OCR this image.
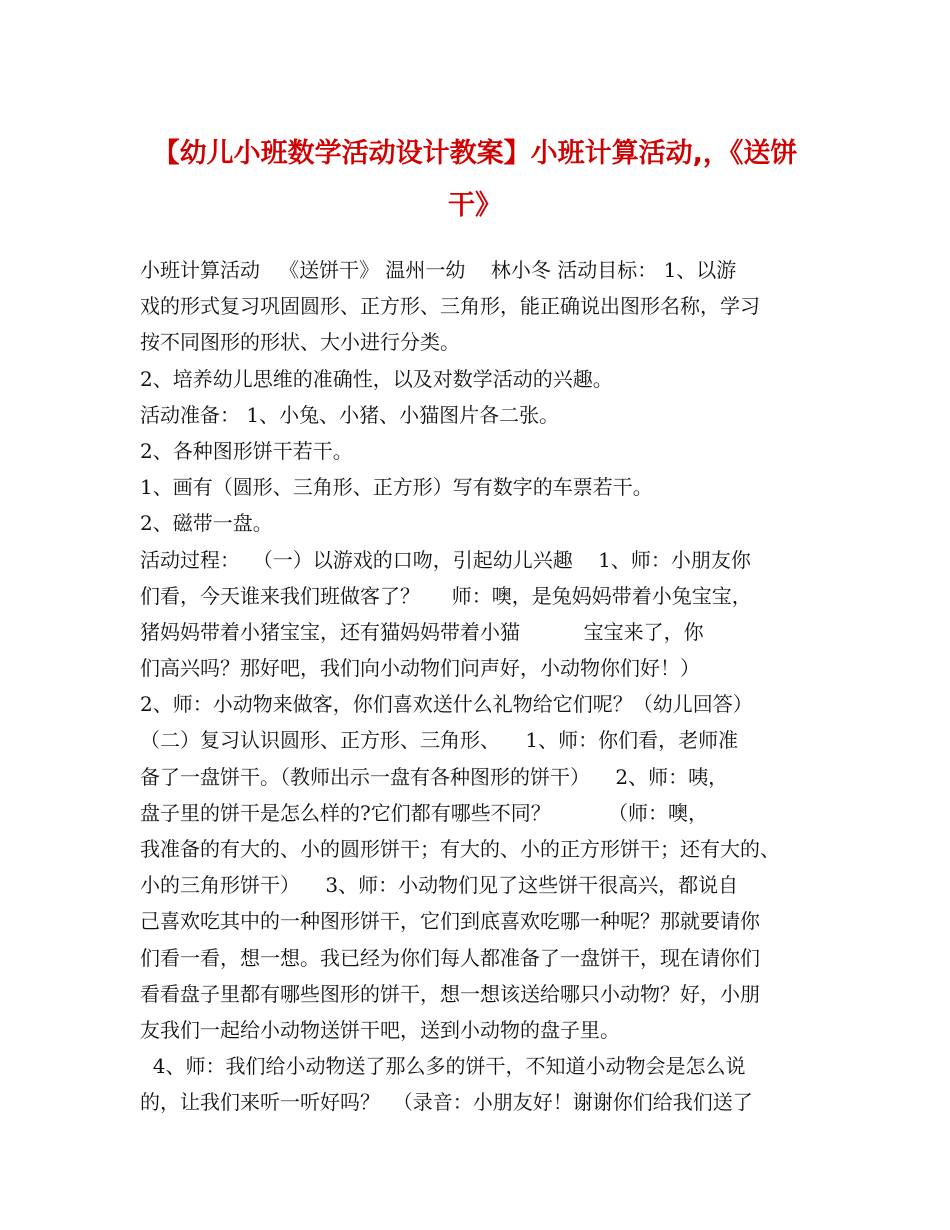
【幼儿小班数学活动设计教案】小班计算活动,，《送饼
干》
小班计算活动   《送饼干》 温州一幼    林小冬 活动目标： 1、以游
戏的形式复习巩固圆形、正方形、三角形，能正确说出图形名称，学习
按不同图形的形状、大小进行分类。
2、培养幼儿思维的准确性，以及对数学活动的兴趣。
活动准备： 1、小兔、小猪、小猫图片各二张。
2、各种图形饼干若干。
1、画有（圆形、三角形、正方形）写有数字的车票若干。
2、磁带一盘。
活动过程：  （一）以游戏的口吻，引起幼儿兴趣    1、师：小朋友你
们看，今天谁来我们班做客了？     师：噢，是兔妈妈带着小兔宝宝，
猪妈妈带着小猪宝宝，还有猫妈妈带着小猫          宝宝来了，你
们高兴吗？那好吧，我们向小动物们问声好，小动物你们好！）
2、师：小动物来做客，你们喜欢送什么礼物给它们呢？（幼儿回答）
（二）复习认识圆形、正方形、三角形、    1、师：你们看，老师准
备了一盘饼干。（教师出示一盘有各种图形的饼干）    2、师：咦，
盘子里的饼干是怎么样的?它们都有哪些不同？         （师：噢，
我准备的有大的、小的圆形饼干；有大的、小的正方形饼干；还有大的、
小的三角形饼干）    3、师：小动物们见了这些饼干很高兴，都说自
己喜欢吃其中的一种图形饼干，它们到底喜欢吃哪一种呢？那就要请你
们看一看，想一想。我已经为你们每人都准备了一盘饼干，现在请你们
看看盘子里都有哪些图形的饼干，想一想该送给哪只小动物？好，小朋
友我们一起给小动物送饼干吧，送到小动物的盘子里。
4、师：我们给小动物送了那么多的饼干，不知道小动物会是怎么说
的，让我们来听一听好吗？  （录音：小朋友好！谢谢你们给我们送了
